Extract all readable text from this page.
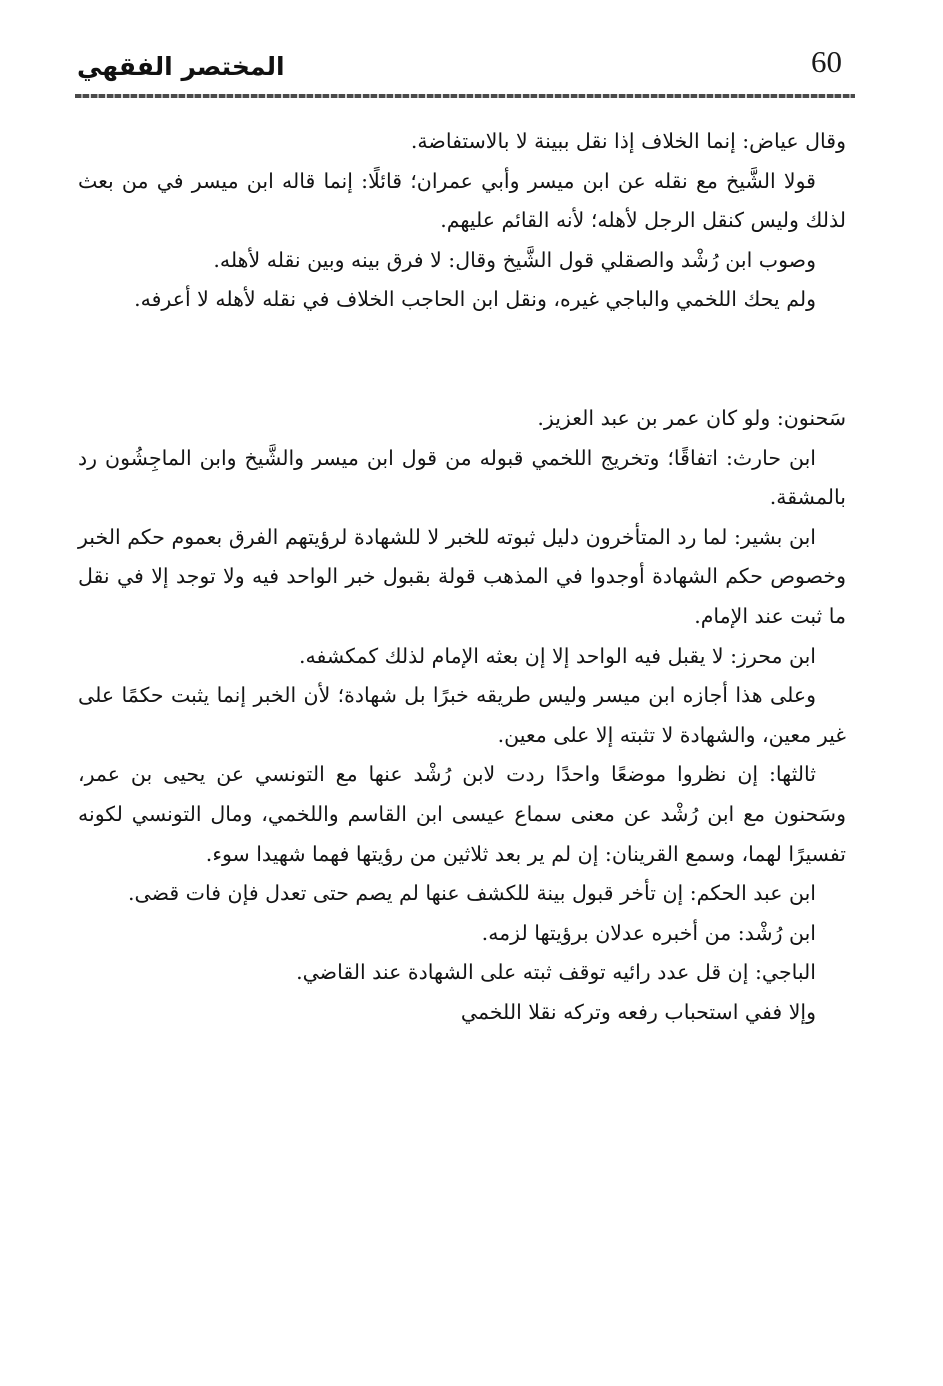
60
المختصر الفقهي

وقال عياض: إنما الخلاف إذا نقل ببينة لا بالاستفاضة.

قولا الشَّيخ مع نقله عن ابن ميسر وأبي عمران؛ قائلًا: إنما قاله ابن ميسر في من بعث لذلك وليس كنقل الرجل لأهله؛ لأنه القائم عليهم.

وصوب ابن رُشْد والصقلي قول الشَّيخ وقال: لا فرق بينه وبين نقله لأهله.

ولم يحك اللخمي والباجي غيره، ونقل ابن الحاجب الخلاف في نقله لأهله لا أعرفه.

سَحنون: ولو كان عمر بن عبد العزيز.

ابن حارث: اتفاقًا؛ وتخريج اللخمي قبوله من قول ابن ميسر والشَّيخ وابن الماجِشُون رد بالمشقة.

ابن بشير: لما رد المتأخرون دليل ثبوته للخبر لا للشهادة لرؤيتهم الفرق بعموم حكم الخبر وخصوص حكم الشهادة أوجدوا في المذهب قولة بقبول خبر الواحد فيه ولا توجد إلا في نقل ما ثبت عند الإمام.

ابن محرز: لا يقبل فيه الواحد إلا إن بعثه الإمام لذلك كمكشفه.

وعلى هذا أجازه ابن ميسر وليس طريقه خبرًا بل شهادة؛ لأن الخبر إنما يثبت حكمًا على غير معين، والشهادة لا تثبته إلا على معين.

ثالثها: إن نظروا موضعًا واحدًا ردت لابن رُشْد عنها مع التونسي عن يحيى بن عمر، وسَحنون مع ابن رُشْد عن معنى سماع عيسى ابن القاسم واللخمي، ومال التونسي لكونه تفسيرًا لهما، وسمع القرينان: إن لم ير بعد ثلاثين من رؤيتها فهما شهيدا سوء.

ابن عبد الحكم: إن تأخر قبول بينة للكشف عنها لم يصم حتى تعدل فإن فات قضى.

ابن رُشْد: من أخبره عدلان برؤيتها لزمه.

الباجي: إن قل عدد رائيه توقف ثبته على الشهادة عند القاضي.

وإلا ففي استحباب رفعه وتركه نقلا اللخمي
